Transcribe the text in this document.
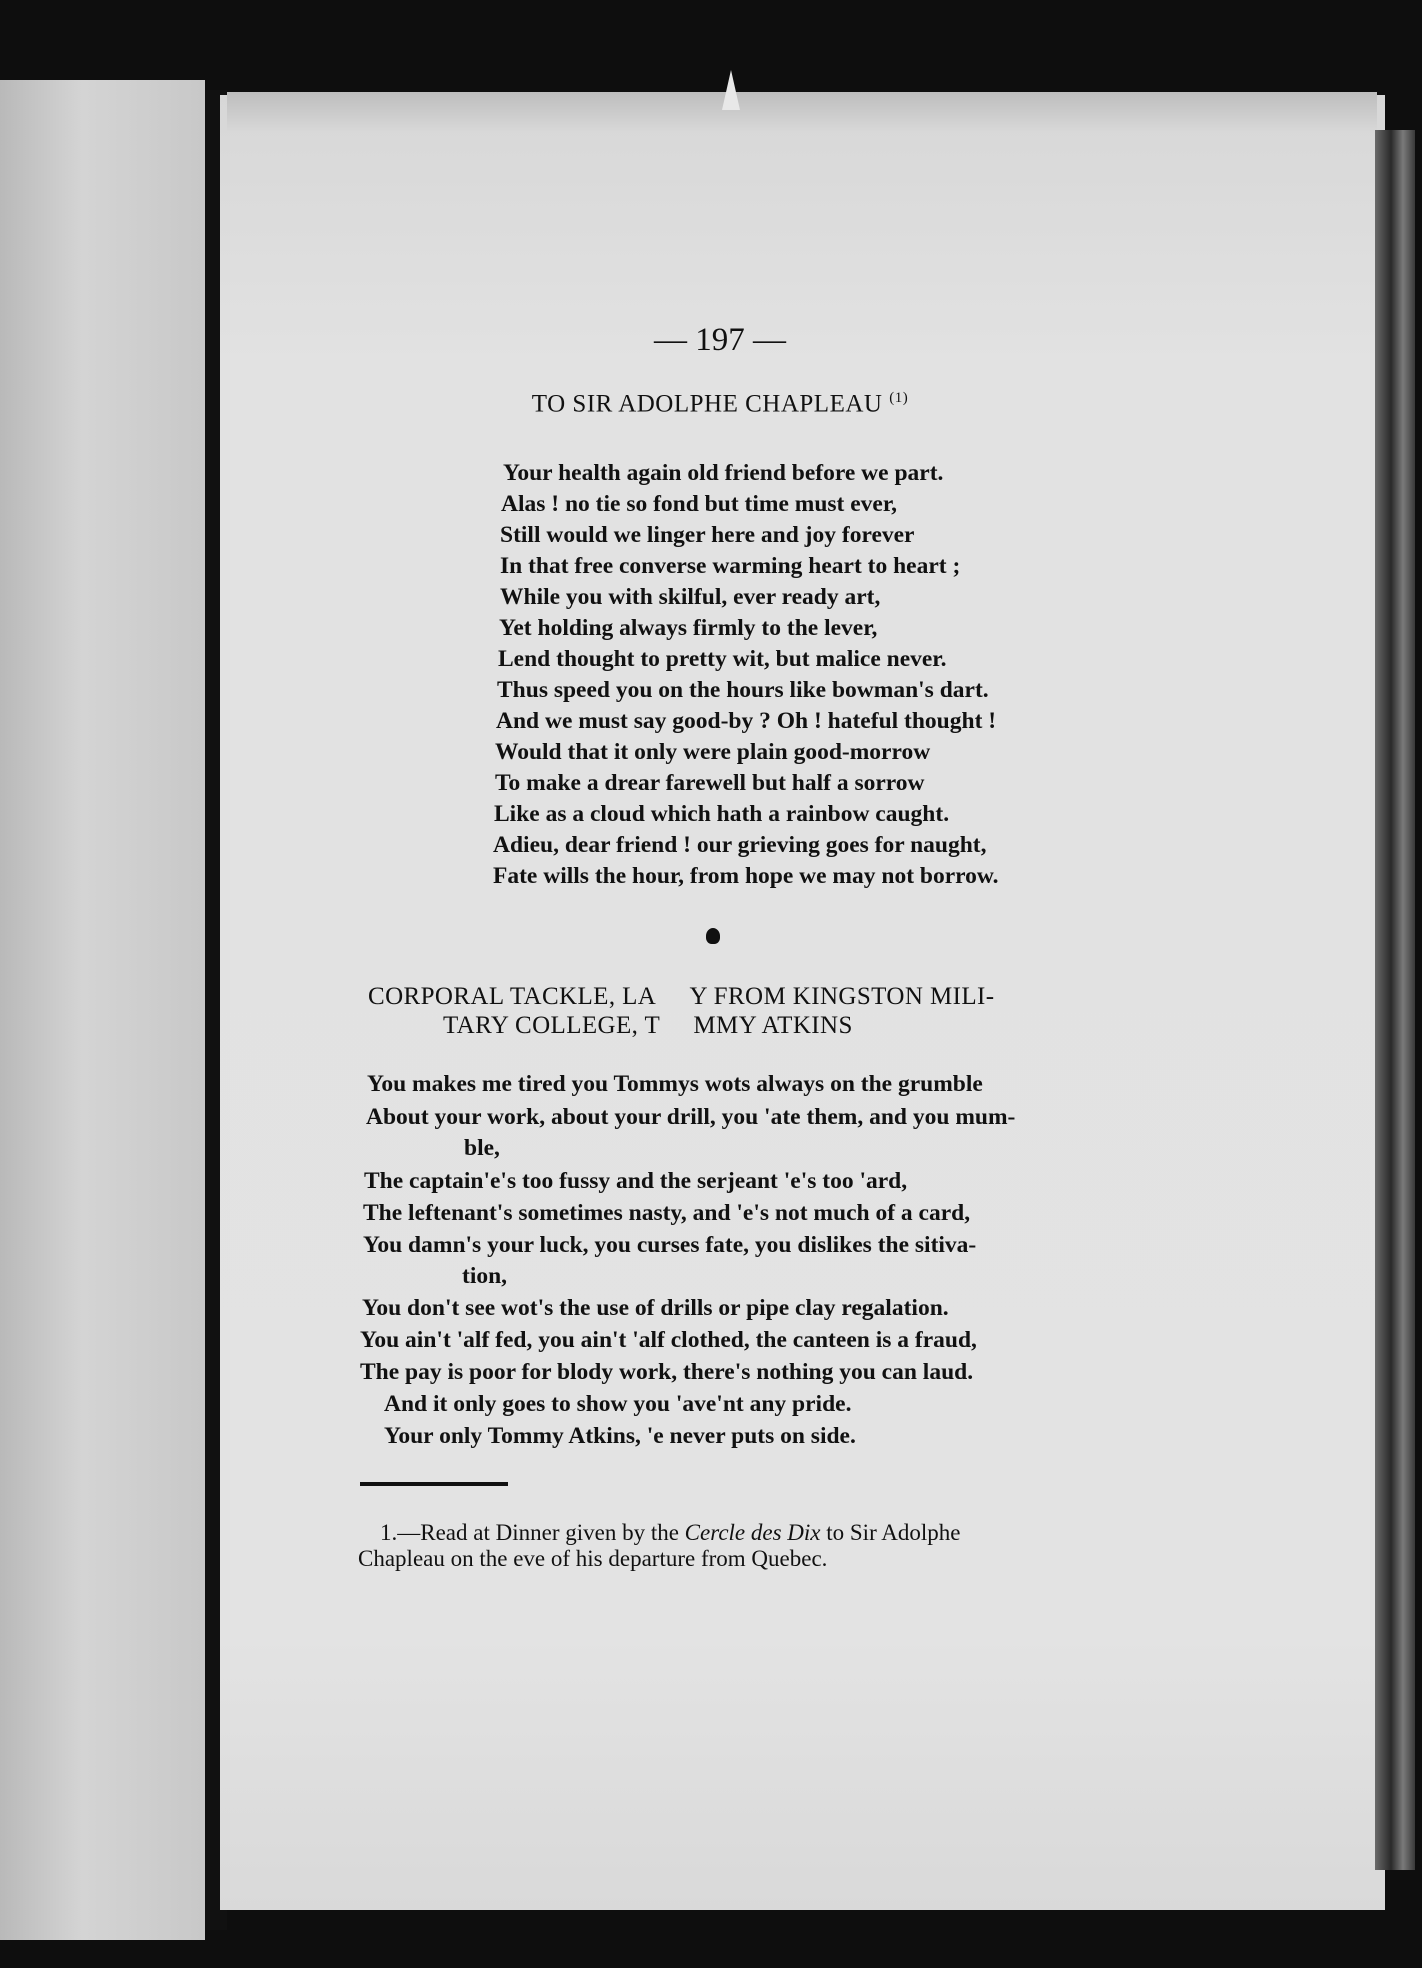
— 197 —
TO SIR ADOLPHE CHAPLEAU $^{(1)}$
Your health again old friend before we part.
Alas ! no tie so fond but time must ever,
Still would we linger here and joy forever
In that free converse warming heart to heart ;
While you with skilful, ever ready art,
Yet holding always firmly to the lever,
Lend thought to pretty wit, but malice never.
Thus speed you on the hours like bowman's dart.
And we must say good-by ? Oh ! hateful thought !
Would that it only were plain good-morrow
To make a drear farewell but half a sorrow
Like as a cloud which hath a rainbow caught.
Adieu, dear friend ! our grieving goes for naught,
Fate wills the hour, from hope we may not borrow.
CORPORAL TACKLE, LA     Y FROM KINGSTON MILI-
TARY COLLEGE, T     MMY ATKINS
You makes me tired you Tommys wots always on the grumble
About your work, about your drill, you 'ate them, and you mum-
ble,
The captain'e's too fussy and the serjeant 'e's too 'ard,
The leftenant's sometimes nasty, and 'e's not much of a card,
You damn's your luck, you curses fate, you dislikes the sitiva-
tion,
You don't see wot's the use of drills or pipe clay regalation.
You ain't 'alf fed, you ain't 'alf clothed, the canteen is a fraud,
The pay is poor for blody work, there's nothing you can laud.
And it only goes to show you 'ave'nt any pride.
Your only Tommy Atkins, 'e never puts on side.
1.—Read at Dinner given by the Cercle des Dix to Sir Adolphe
Chapleau on the eve of his departure from Quebec.
